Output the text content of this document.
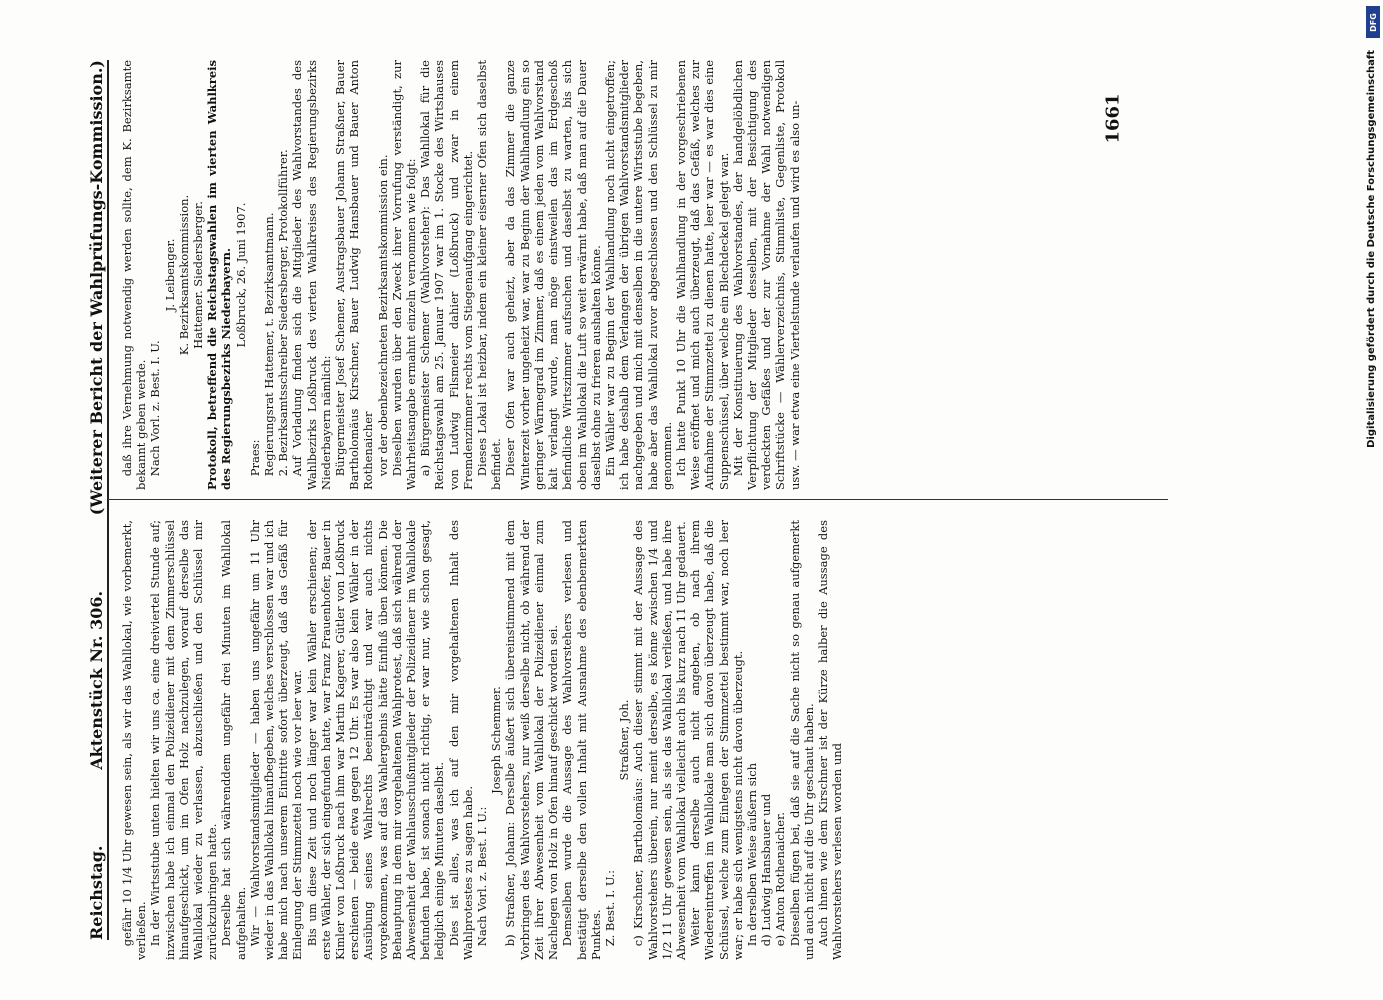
Reichstag.
Aktenstück Nr. 306.
(Weiterer Bericht der Wahlprüfungs-Kommission.)	1661

daß ihre Vernehmung notwendig werden sollte, dem K. Bezirksamte bekannt geben werde. Nach Vorl. z. Best. I. U.

J. Leibenger. K. Bezirksamtskommission. Hattemer. Siedersberger. Protokoll, betreffend die Reichstagswahlen im vierten Wahlkreis des Regierungsbezirks Niederbayern. Loßbruck, 26. Juni 1907.

Praes: Regierungsrat Hattemer, t. Bezirksamtmann. 2. Bezirksamtsschreiber Siedersberger, Protokollführer. Auf Vorladung finden sich die Mitglieder des Wahlvorstandes des Wahlbezirks Loßbruck des vierten Wahlkreises des Regierungsbezirks Niederbayern nämlich: Bürgermeister Josef Schemer, Austragsbauer Johann Straßner, Bauer Bartholomäus Kirschner, Bauer Ludwig Hansbauer und Bauer Anton Rothenaicher vor der obenbezeichneten Bezirksamtskommission ein. Dieselben wurden über den Zweck ihrer Vorrufung verständigt, zur Wahrheitsangabe ermahnt einzeln vernommen wie folgt: a) Bürgermeister Schemer (Wahlvorsteher): Das Wahllokal für die Reichstagswahl am 25. Januar 1907 war im 1. Stocke des Wirtshauses von Ludwig Filsmeier dahier (Loßbruck) und zwar in einem Fremdenzimmer rechts vom Stiegenaufgang eingerichtet. Dieses Lokal ist heizbar, indem ein kleiner eiserner Ofen sich daselbst befindet. Dieser Ofen war auch geheizt, aber da das Zimmer die ganze Winterzeit vorher ungeheizt war, war zu Beginn der Wahlhandlung ein so geringer Wärmegrad im Zimmer, daß es einem jeden vom Wahlvorstand kalt verlangt wurde, man möge einstweilen das im Erdgeschoß befindliche Wirtszimmer aufsuchen und daselbst zu warten, bis sich oben im Wahllokal die Luft so weit erwärmt habe, daß man auf die Dauer daselbst ohne zu frieren aushalten könne. Ein Wähler war zu Beginn der Wahlhandlung noch nicht eingetroffen; ich habe deshalb dem Verlangen der übrigen Wahlvorstandsmitglieder nachgegeben und mich mit denselben in die untere Wirtsstube begeben, habe aber das Wahllokal zuvor abgeschlossen und den Schlüssel zu mir genommen. Ich hatte Punkt 10 Uhr die Wahlhandlung in der vorgeschriebenen Weise eröffnet und mich auch überzeugt, daß das Gefäß, welches zur Aufnahme der Stimmzettel zu dienen hatte, leer war — es war dies eine Suppenschüssel, über welche ein Blechdeckel gelegt war. Mit der Konstituierung des Wahlvorstandes, der handgelöbdlichen Verpflichtung der Mitglieder desselben, mit der Besichtigung des verdeckten Gefäßes und der zur Vornahme der Wahl notwendigen Schriftstücke — Wählerverzeichnis, Stimmliste, Gegenliste, Protokoll usw. — war etwa eine Viertelstunde verlaufen und wird es also un-

gefähr 10 1/4 Uhr gewesen sein, als wir das Wahllokal, wie vorbemerkt, verließen. In der Wirtsstube unten hielten wir uns ca. eine dreiviertel Stunde auf; inzwischen habe ich einmal den Polizeidiener mit dem Zimmerschlüssel hinaufgeschickt, um im Ofen Holz nachzulegen, worauf derselbe das Wahllokal wieder zu verlassen, abzuschließen und den Schlüssel mir zurückzubringen hatte. Derselbe hat sich währenddem ungefähr drei Minuten im Wahllokal aufgehalten. Wir — Wahlvorstandsmitglieder — haben uns ungefähr um 11 Uhr wieder in das Wahllokal hinaufbegeben, welches verschlossen war und ich habe mich nach unserem Eintritte sofort überzeugt, daß das Gefäß für Einlegung der Stimmzettel noch wie vor leer war. Bis um diese Zeit und noch länger war kein Wähler erschienen; der erste Wähler, der sich eingefunden hatte, war Franz Frauenhofer, Bauer in Kimler von Loßbruck nach ihm war Martin Kagerer, Gütler von Loßbruck erschienen — beide etwa gegen 12 Uhr. Es war also kein Wähler in der Ausübung seines Wahlrechts beeinträchtigt und war auch nichts vorgekommen, was auf das Wahlergebnis hätte Einfluß üben können. Die Behauptung in dem mir vorgehaltenen Wahlprotest, daß sich während der Abwesenheit der Wahlausschußmitglieder der Polizeidiener im Wahllokale befunden habe, ist sonach nicht richtig, er war nur, wie schon gesagt, lediglich einige Minuten daselbst. Dies ist alles, was ich auf den mir vorgehaltenen Inhalt des Wahlprotestes zu sagen habe. Nach Vorl. z. Best. I. U.:

Joseph Schemmer. b) Straßner, Johann: Derselbe äußert sich übereinstimmend mit dem Vorbringen des Wahlvorstehers, nur weiß derselbe nicht, ob während der Zeit ihrer Abwesenheit vom Wahllokal der Polizeidiener einmal zum Nachlegen von Holz in Ofen hinauf geschickt worden sei. Demselben wurde die Aussage des Wahlvorstehers verlesen und bestätigt derselbe den vollen Inhalt mit Ausnahme des ebenbemerkten Punktes. Z. Best. I. U.:

Straßner, Joh. c) Kirschner, Bartholomäus: Auch dieser stimmt mit der Aussage des Wahlvorstehers überein, nur meint derselbe, es könne zwischen 1/4 und 1/2 11 Uhr gewesen sein, als sie das Wahllokal verließen, und habe ihre Abwesenheit vom Wahllokal vielleicht auch bis kurz nach 11 Uhr gedauert. Weiter kann derselbe auch nicht angeben, ob nach ihrem Wiedereintreffen im Wahllokale man sich davon überzeugt habe, daß die Schüssel, welche zum Einlegen der Stimmzettel bestimmt war, noch leer war; er habe sich wenigstens nicht davon überzeugt. In derselben Weise äußern sich d) Ludwig Hansbauer und e) Anton Rothenaicher. Dieselben fügen bei, daß sie auf die Sache nicht so genau aufgemerkt und auch nicht auf die Uhr geschaut haben. Auch ihnen wie dem Kirschner ist der Kürze halber die Aussage des Wahlvorstehers verlesen worden und

DFG
Digitalisierung gefördert durch die Deutsche Forschungsgemeinschaft
